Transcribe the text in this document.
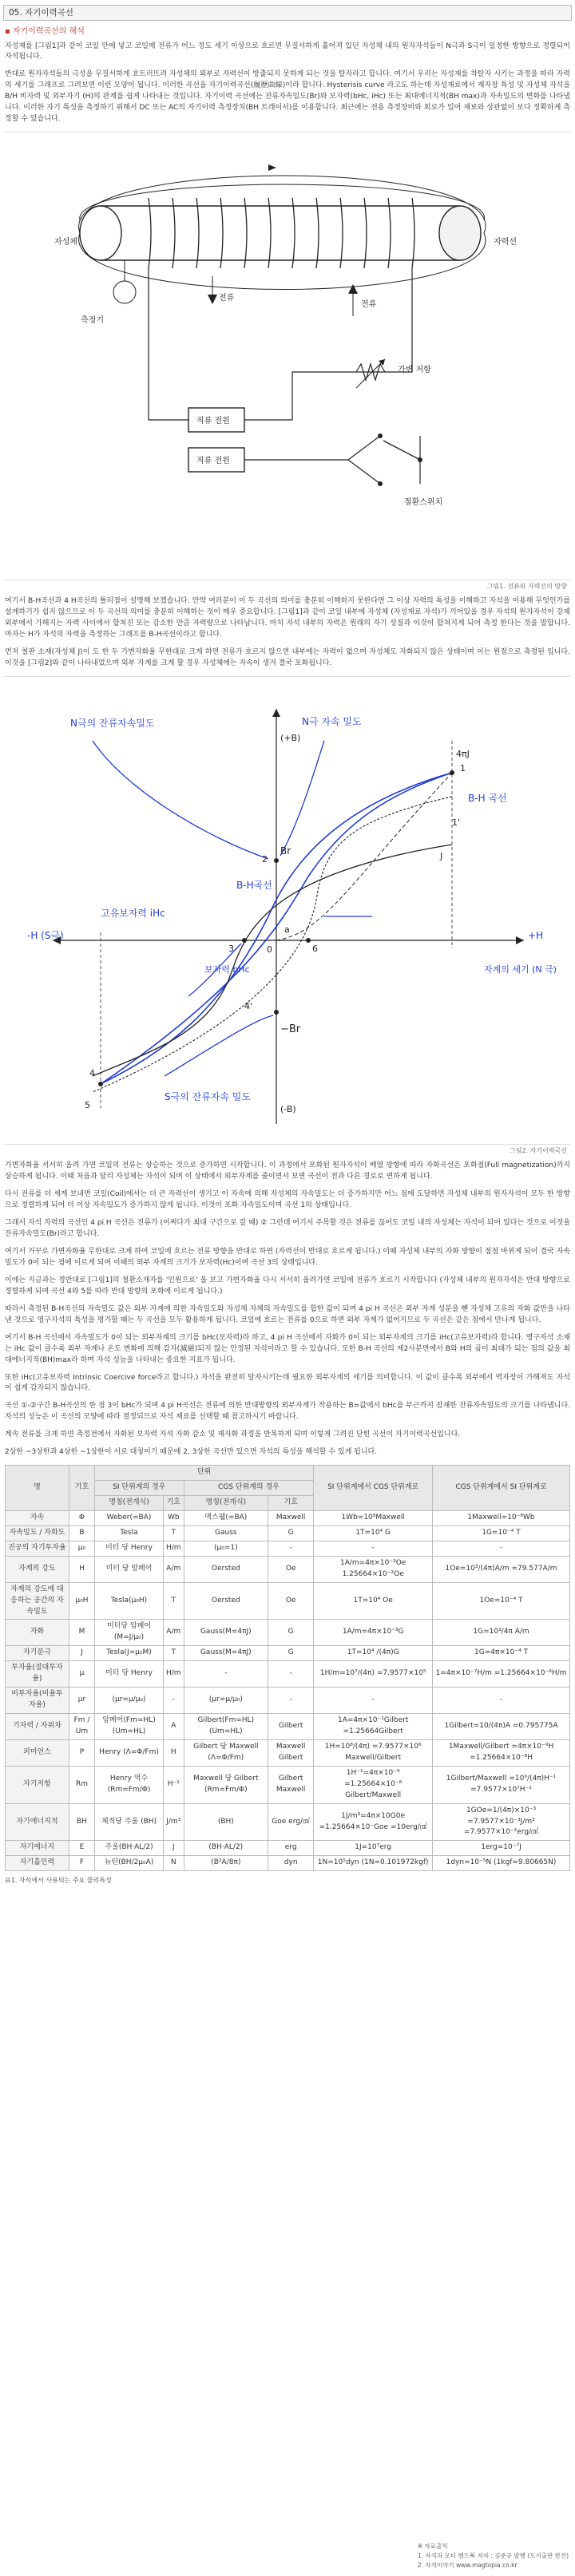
05. 자기이력곡선
▪ 자기이력곡선의 해석

자성재를 [그림1]과 같이 코일 안에 넣고 코일에 전류가 어느 정도 세기 이상으로 흐르면 무질서하게 흩어져 있던 자성체 내의 원자자석들이 N극과 S극이 일정한 방향으로 정렬되어 자석됩니다.

반대로 원자자석들의 극성을 무질서하게 흐트러뜨려 자성체의 외부로 자력선이 방출되지 못하게 되는 것을 탈자라고 합니다. 여기서 우리는 자성재를 착탈자 시키는 과정을 따라 자력의 세기를 그래프로 그려보면 이런 모양이 됩니다. 이러한 곡선을 자기이력곡선(履歷曲線)이라 합니다. Hysterisis curve 라고도 하는데 자성재료에서 재자장 특성 및 자성체 자석을 B/H 비자력 및 외부자기 (H)의 관계를 쉽게 나타내는 것입니다. 자기이력 곡선에는 잔류자속밀도(Br)와 보자력(bHc, iHc) 또는 최대에너지적(BH max)과 자속밀도의 변화를 나타냅니다. 이러한 자기 특성을 측정하기 위해서 DC 또는 AC의 자기이력 측정장치(BH 트레이서)를 이용합니다. 최근에는 전용 측정장비와 회로가 있어 재료와 상관없이 보다 정확하게 측정할 수 있습니다.

자성체	자력선
측정기
전류
전류
직류 전원
직류 전원
가변 저항
절환스위치
그림1. 전류와 자력선의 방향

여기서 B-H곡선과 4 H곡선의 틀리점이 설명해 보겠습니다. 만약 여러분이 이 두 곡선의 의미를 충분히 이해하지 못한다면 그 이상 자력의 특성을 이해하고 자석을 이용해 무엇인가를 설계하기가 쉽지 않으므로 이 두 곡선의 의미를 충분히 이해하는 것이 매우 중요합니다. [그림1]과 같이 코일 내부에 자성체 (자성재료 자석)가 끼어있을 경우 자석의 원자자석이 강제 외부에서 가해지는 자력 사이에서 합쳐진 또는 감소한 만큼 자력량으로 나타납니다. 마치 자석 내부의 자력은 원래의 자기 성질과 이것이 합쳐지게 되어 측정 한다는 것을 말합니다. 마자는 H가 자석의 자력을 측정하는 그래프를 B-H곡선이라고 합니다.

먼저 철판 소재(자성체 J)이 도 한 두 가변자화율 무한대로 크게 하면 전류가 흐르지 않으면 내부에는 자력이 없으며 자성체도 자화되지 않은 상태이며 이는 원점으로 측정된 입니다. 이것을 [그림2]와 같이 나타내었으며 외부 자계를 크게 할 경우 자성체에는 자속이 생겨 결국 포화됩니다.

N극의 잔류자속밀도	N극 자속 밀도
B-H 곡선
고유보자력 iHc
보자력 bHc
B-H곡선
-H (S극)	+H
자계의 세기 (N 극)
S극의 잔류자속 밀도
−Br
Br
(+B)
(-B)
4πJ
0
J
a
1
1'
2
3	6
4
5
4'
그림2. 자기이력곡선

가변자화율 서서히 올려 가면 코일의 전류는 상승하는 것으로 증가하면 시작합니다. 이 과정에서 포화된 원자자석이 배열 방향에 따라 자화곡선은 포화점(Full magnetization)까지 상승하게 됩니다. 이때 처음과 달리 자성체는 자석이 되며 이 상태에서 외부자계를 줄이면서 보면 곡선이 전과 다른 경로로 변하게 됩니다.

다시 전류를 더 세게 보내면 코일(Coil)에서는 더 큰 자력선이 생기고 이 자속에 의해 자성체의 자속밀도는 더 증가하지만 어느 점에 도달하면 자성체 내부의 원자자석이 모두 한 방향으로 정렬하게 되어 더 이상 자속밀도가 증가하지 않게 됩니다. 이것이 포화 자속밀도이며 곡선 1의 상태입니다.

그래서 자석 자력의 곡선인 4 pi H 곡선은 전류가 (어쩌다가 최대 구간으로 갈 때) ② 그런데 여기서 주목할 것은 전류를 끊어도 코일 내의 자성체는 자석이 되어 있다는 것으로 이것을 잔류자속밀도(Br)라고 합니다.

여기서 거꾸로 가변자화율 무한대로 크게 하여 코일에 흐르는 전류 방향을 반대로 하면 (자력선이 반대로 흐르게 됩니다.) 이때 자성체 내부의 자화 방향이 점점 바뀌게 되어 결국 자속밀도가 0이 되는 점에 이르게 되며 이때의 외부 자계의 크기가 보자력(Hc)이며 곡선 3의 상태입니다.

이에는 지금과는 정반대로 [그림1]의 철환소재자를 '인원으로' 올 보고 가변자화율 다시 서서히 올려가면 코일에 전류가 흐르기 시작합니다 (자성체 내부의 원자자석은 반대 방향으로 정렬하게 되며 곡선 4와 5를 따라 반대 방향의 포화에 이르게 됩니다.)

따라서 측정된 B-H곡선의 자속밀도 값은 외부 자계에 의한 자속밀도와 자성체 자체의 자속밀도를 합한 값이 되며 4 pi H 곡선은 외부 자계 성분을 뺀 자성체 고유의 자화 값만을 나타낸 것으로 영구자석의 특성을 평가할 때는 두 곡선을 모두 활용하게 됩니다. 코일에 흐르는 전류를 0으로 하면 외부 자계가 없어지므로 두 곡선은 같은 점에서 만나게 됩니다.

여기서 B-H 곡선에서 자속밀도가 0이 되는 외부자계의 크기를 bHc(보자력)라 하고, 4 pi H 곡선에서 자화가 0이 되는 외부자계의 크기를 iHc(고유보자력)라 합니다. 영구자석 소재는 iHc 값이 클수록 외부 자계나 온도 변화에 의해 감자(減磁)되지 않는 안정된 자석이라고 할 수 있습니다. 또한 B-H 곡선의 제2사분면에서 B와 H의 곱이 최대가 되는 점의 값을 최대에너지적(BH)max라 하며 자석 성능을 나타내는 중요한 지표가 됩니다.

또한 iHc(고유보자력 Intrinsic Coercive force라고 합니다.) 자석을 완전히 탈자시키는데 필요한 외부자계의 세기를 의미합니다. 이 값이 클수록 외부에서 역자장이 가해져도 자석이 쉽게 감자되지 않습니다.

곡선 ①-②구간 B-H곡선의 한 점 3이 bHc가 되며 4 pi H곡선은 전류에 의한 반대방향의 외부자계가 작용하는 B=값에서 bHc를 부근까지 잠재한 잔류자속밀도의 크기를 나타냅니다. 자석의 성능은 이 곡선의 모양에 따라 결정되므로 자석 재료를 선택할 때 참고하시기 바랍니다.

계속 전류를 크게 하면 측정전에서 자화된 보자력 자석 자화 감소 및 재자화 과정을 반복하게 되며 이렇게 그려진 닫힌 곡선이 자기이력곡선입니다.

2상한 ~3상한과 4상한 ~1상한이 서로 대칭이기 때문에 2, 3상한 곡선만 있으면 자석의 특성을 해석할 수 있게 됩니다.

명	기호	단위				SI 단위계에서 CGS 단위계로	CGS 단위계에서 SI 단위계로
		SI 단위계의 경우		CGS 단위계의 경우			
		명칭(전개식)	기호	명칭(전개식)	기호		
자속	Φ	Weber(=BA)	Wb	맥스웰(=BA)	Maxwell	1Wb=10⁸Maxwell	1Maxwell=10⁻⁸Wb
자속밀도 / 자화도	B	Tesla	T	Gauss	G	1T=10⁴ G	1G=10⁻⁴ T
진공의 자기투자율	μ₀	미터 당 Henry	H/m	(μ₀=1)	-	-	-
자계의 강도	H	미터 당 암페어	A/m	Oersted	Oe	1A/m=4π×10⁻³Oe 1.25664×10⁻²Oe	1Oe=10³/(4π)A/m =79.577A/m
자계의 강도에 대응하는 공간의 자속밀도	μ₀H	Tesla(μ₀H)	T	Oersted	Oe	1T=10⁴ Oe	1Oe=10⁻⁴ T
자화	M	미터당 암페어 (M=J/μ₀)	A/m	Gauss(M=4πJ)	G	1A/m=4π×10⁻³G	1G=10³/4π A/m
자기분극	J	Tesla(J=μ₀M)	T	Gauss(M=4πJ)	G	1T=10⁴ /(4π)G	1G=4π×10⁻⁴ T
투자율(절대투자율)	μ	미터 당 Henry	H/m	-	-	1H/m=10⁷/(4π) =7.9577×10⁵	1=4π×10⁻⁷H/m =1.25664×10⁻⁶H/m
비투자율(비율투자율)	μr	(μr=μ/μ₀)	-	(μr=μ/μ₀)	-	-	-
기자력 / 자위차	Fm / Um	암페어(Fm=HL) (Um=HL)	A	Gilbert(Fm=HL) (Um=HL)	Gilbert	1A=4π×10⁻¹Gilbert =1.25664Gilbert	1Gilbert=10/(4π)A =0.795775A
퍼미언스	P	Henry (Λ=Φ/Fm)	H	Gilbert 당 Maxwell (Λ=Φ/Fm)	Maxwell Gilbert	1H=10⁸/(4π) =7.9577×10⁶ Maxwell/Gilbert	1Maxwell/Gilbert =4π×10⁻⁹H =1.25664×10⁻⁸H
자기저항	Rm	Henry 역수 (Rm=Fm/Φ)	H⁻¹	Maxwell 당 Gilbert (Rm=Fm/Φ)	Gilbert Maxwell	1H⁻¹=4π×10⁻⁹ =1.25664×10⁻⁸ Gilbert/Maxwell	1Gilbert/Maxwell =10⁹/(4π)H⁻¹ =7.9577×10⁷H⁻¹
자기에너지적	BH	체적당 주울 (BH)	J/m³	(BH)	Goe erg/㎤	1J/m³=4π×10G0e =1.25664×10⁻Goe =10erg/㎤	1GOe=1/(4π)×10⁻³ =7.9577×10⁻³J/m³ =7.9577×10⁻²erg/㎤
자기에너지	E	주울(BH·AL/2)	J	(BH·AL/2)	erg	1J=10⁷erg	1erg=10⁻⁷J
자기흡인력	F	뉴턴(BH/2μ₀A)	N	(B²A/8π)	dyn	1N=10⁵dyn (1N=0.101972kgf)	1dyn=10⁻⁵N (1kgf=9.80665N)
표1. 자석에서 사용되는 주요 물리특성
※ 자료출처
1. 자석과 모터 핸드북 저자 : 김준규 발행 (도서출판 한진)
2. 자석이야기 www.magtopia.co.kr
